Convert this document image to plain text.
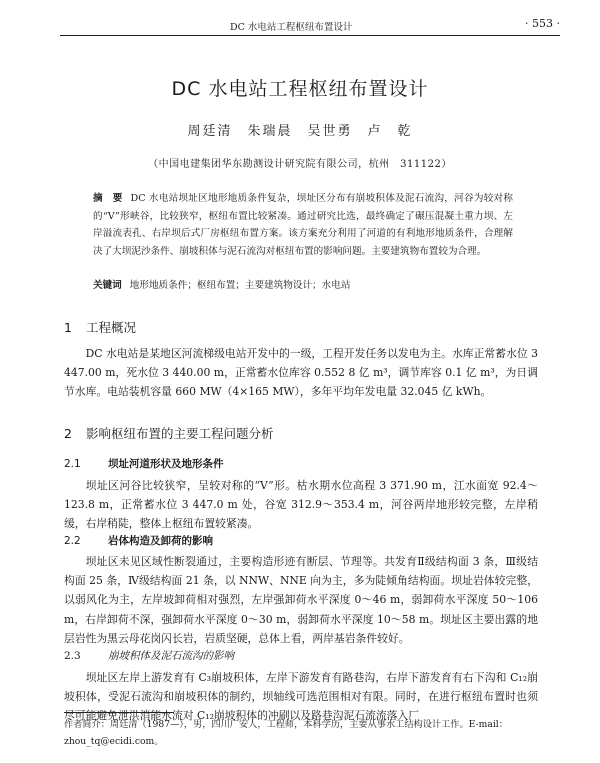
DC 水电站工程枢纽布置设计	· 553 ·
DC 水电站工程枢纽布置设计
周廷清　朱瑞晨　吴世勇　卢　乾
（中国电建集团华东勘测设计研究院有限公司，杭州　311122）
摘　要 DC 水电站坝址区地形地质条件复杂，坝址区分布有崩坡积体及泥石流沟，河谷为较对称的“V”形峡谷，比较狭窄，枢纽布置比较紧凑。通过研究比选，最终确定了碾压混凝土重力坝、左岸溢流表孔、右岸坝后式厂房枢纽布置方案。该方案充分利用了河道的有利地形地质条件，合理解决了大坝泥沙条件、崩坡积体与泥石流沟对枢纽布置的影响问题。主要建筑物布置较为合理。
关键词 地形地质条件；枢纽布置；主要建筑物设计；水电站
1 工程概况
DC 水电站是某地区河流梯级电站开发中的一级，工程开发任务以发电为主。水库正常蓄水位 3 447.00 m，死水位 3 440.00 m，正常蓄水位库容 0.552 8 亿 m³，调节库容 0.1 亿 m³，为日调节水库。电站装机容量 660 MW（4×165 MW），多年平均年发电量 32.045 亿 kWh。
2 影响枢纽布置的主要工程问题分析
2.1	坝址河道形状及地形条件
坝址区河谷比较狭窄，呈较对称的“V”形。枯水期水位高程 3 371.90 m，江水面宽 92.4～123.8 m，正常蓄水位 3 447.0 m 处，谷宽 312.9～353.4 m，河谷两岸地形较完整，左岸稍缓，右岸稍陡，整体上枢纽布置较紧凑。
2.2	岩体构造及卸荷的影响
坝址区未见区域性断裂通过，主要构造形迹有断层、节理等。共发育Ⅱ级结构面 3 条，Ⅲ级结构面 25 条，Ⅳ级结构面 21 条，以 NNW、NNE 向为主，多为陡倾角结构面。坝址岩体较完整，以弱风化为主，左岸坡卸荷相对强烈，左岸强卸荷水平深度 0～46 m，弱卸荷水平深度 50～106 m，右岸卸荷不深，强卸荷水平深度 0～30 m，弱卸荷水平深度 10～58 m。坝址区主要出露的地层岩性为黑云母花岗闪长岩，岩质坚硬，总体上看，两岸基岩条件较好。
2.3	崩坡积体及泥石流沟的影响
坝址区左岸上游发育有 C₃崩坡积体，左岸下游发育有路巷沟，右岸下游发育有右下沟和 C₁₂崩坡积体，受泥石流沟和崩坡积体的制约，坝轴线可选范围相对有限。同时，在进行枢纽布置时也须尽可能避免泄洪消能水流对 C₁₂崩坡积体的冲刷以及路巷沟泥石流流落入厂
作者简介：周廷清（1987—），男，四川广安人，工程师，本科学历，主要从事水工结构设计工作。E-mail：zhou_tq@ecidi.com。
